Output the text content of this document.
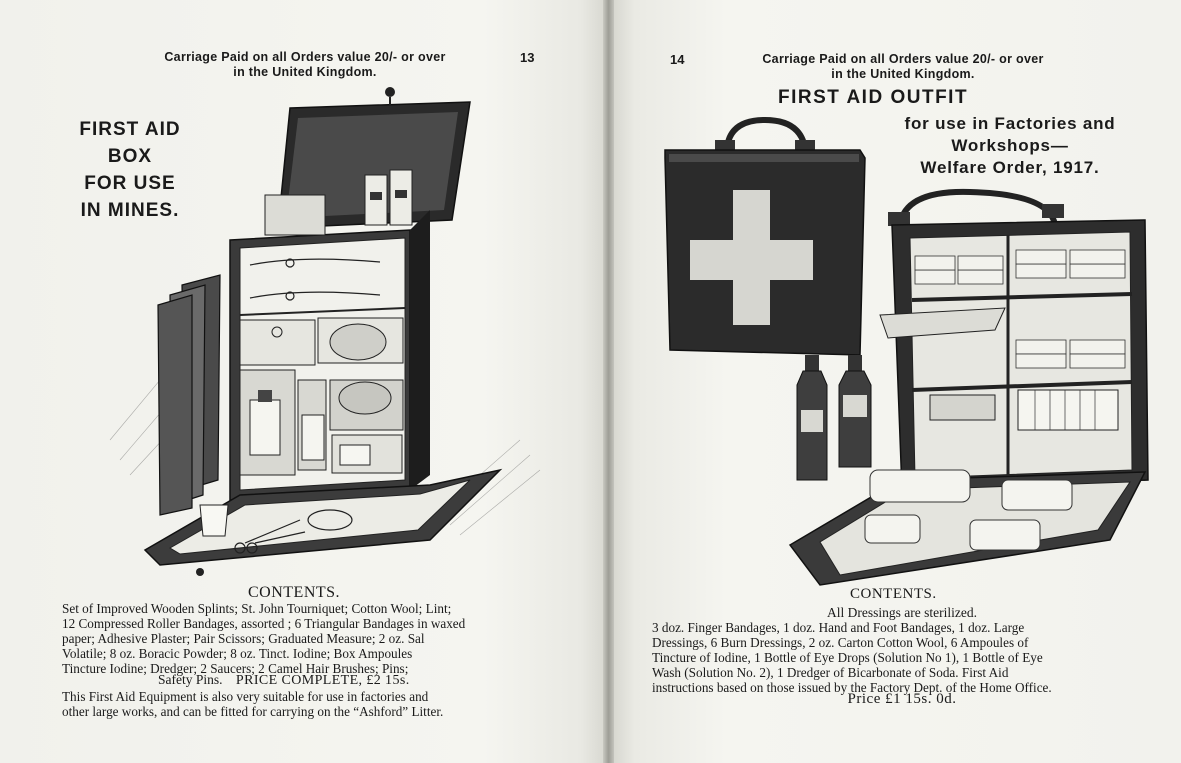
Carriage Paid on all Orders value 20/- or over
in the United Kingdom.
13
FIRST AID
BOX
FOR USE
IN MINES.
CONTENTS.
Set of Improved Wooden Splints; St. John Tourniquet; Cotton Wool; Lint;
12 Compressed Roller Bandages, assorted ; 6 Triangular Bandages in waxed
paper; Adhesive Plaster; Pair Scissors; Graduated Measure; 2 oz. Sal
Volatile; 8 oz. Boracic Powder; 8 oz. Tinct. Iodine; Box Ampoules
Tincture Iodine; Dredger; 2 Saucers; 2 Camel Hair Brushes; Pins;
Safety Pins. PRICE COMPLETE, £2 15s.
This First Aid Equipment is also very suitable for use in factories and
other large works, and can be fitted for carrying on the “Ashford” Litter.
14	Carriage Paid on all Orders value 20/- or over
in the United Kingdom.
FIRST AID OUTFIT
for use in Factories and
Workshops—
Welfare Order, 1917.
CONTENTS.
All Dressings are sterilized.
3 doz. Finger Bandages, 1 doz. Hand and Foot Bandages, 1 doz. Large
Dressings, 6 Burn Dressings, 2 oz. Carton Cotton Wool, 6 Ampoules of
Tincture of Iodine, 1 Bottle of Eye Drops (Solution No 1), 1 Bottle of Eye
Wash (Solution No. 2), 1 Dredger of Bicarbonate of Soda. First Aid
instructions based on those issued by the Factory Dept. of the Home Office.
Price £1 15s. 0d.
